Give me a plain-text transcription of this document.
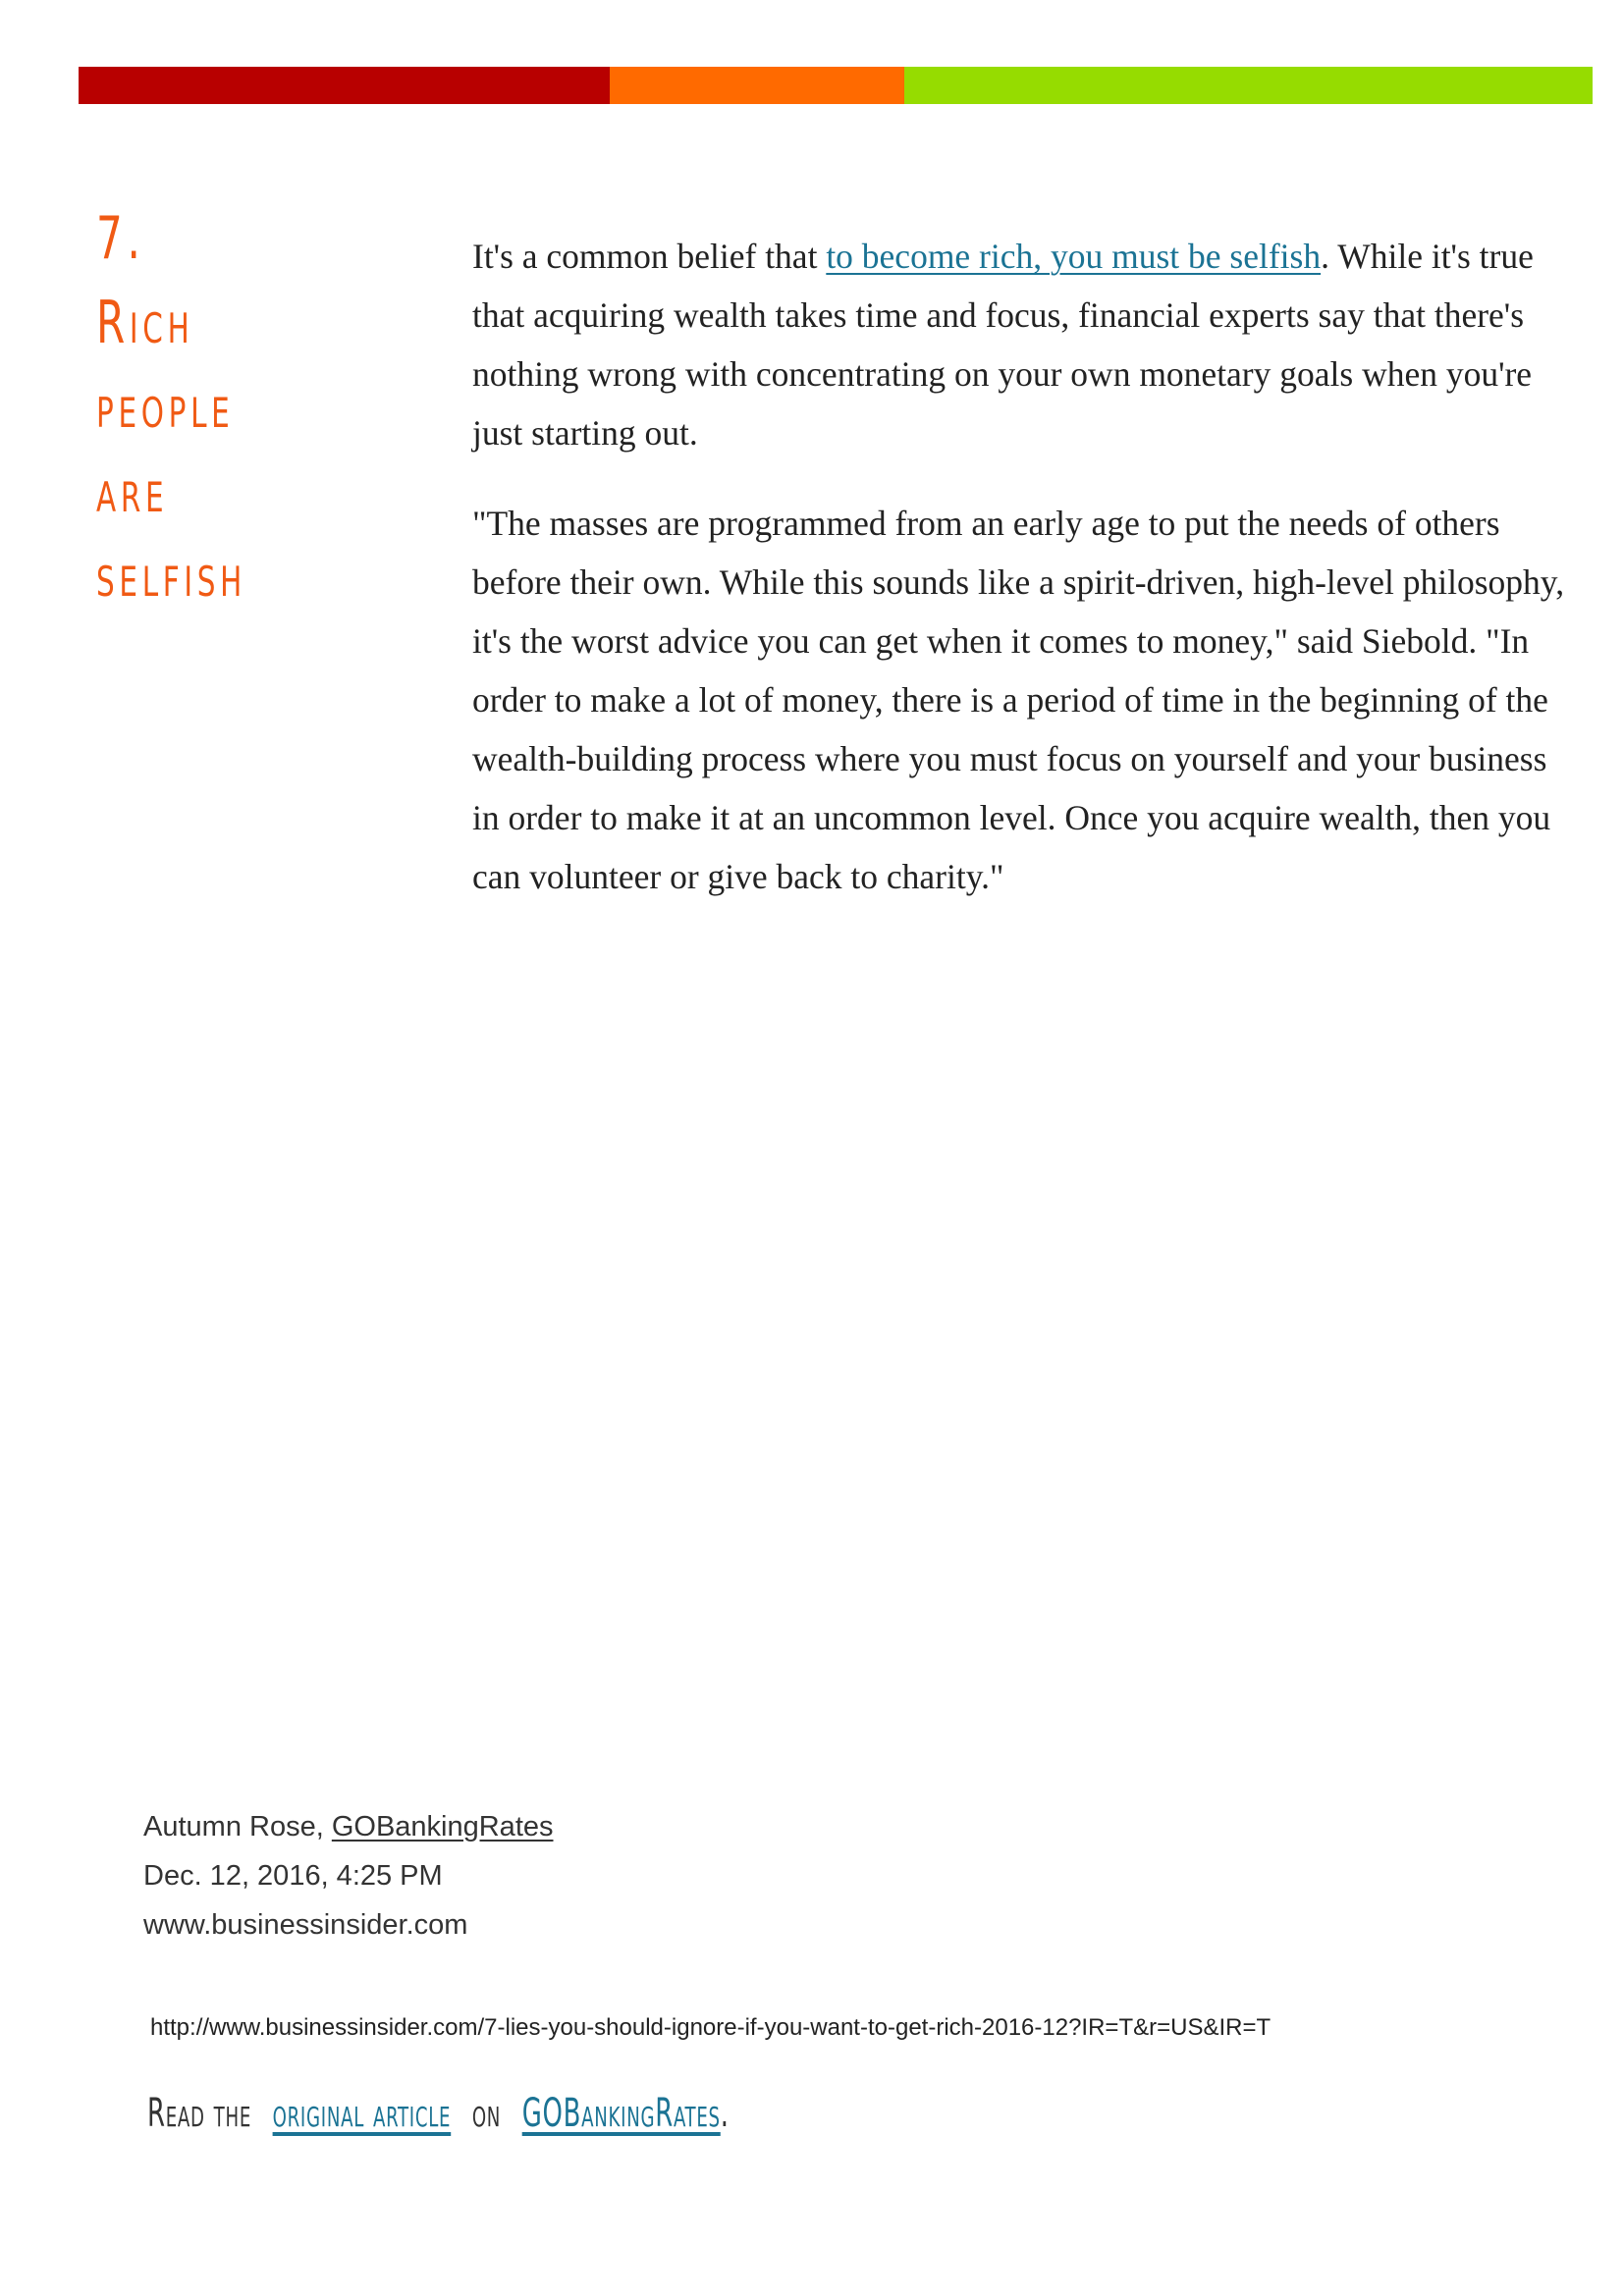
7.
Rich
people
are
selfish

It's a common belief that to become rich, you must be selfish. While it's true that acquiring wealth takes time and focus, financial experts say that there's nothing wrong with concentrating on your own monetary goals when you're just starting out.

"The masses are programmed from an early age to put the needs of others before their own. While this sounds like a spirit-driven, high-level philosophy, it's the worst advice you can get when it comes to money," said Siebold. "In order to make a lot of money, there is a period of time in the beginning of the wealth-building process where you must focus on yourself and your business in order to make it at an uncommon level. Once you acquire wealth, then you can volunteer or give back to charity."

Autumn Rose, GOBankingRates
Dec. 12, 2016, 4:25 PM
www.businessinsider.com
http://www.businessinsider.com/7-lies-you-should-ignore-if-you-want-to-get-rich-2016-12?IR=T&r=US&IR=T
Read the original article on GOBankingRates.
